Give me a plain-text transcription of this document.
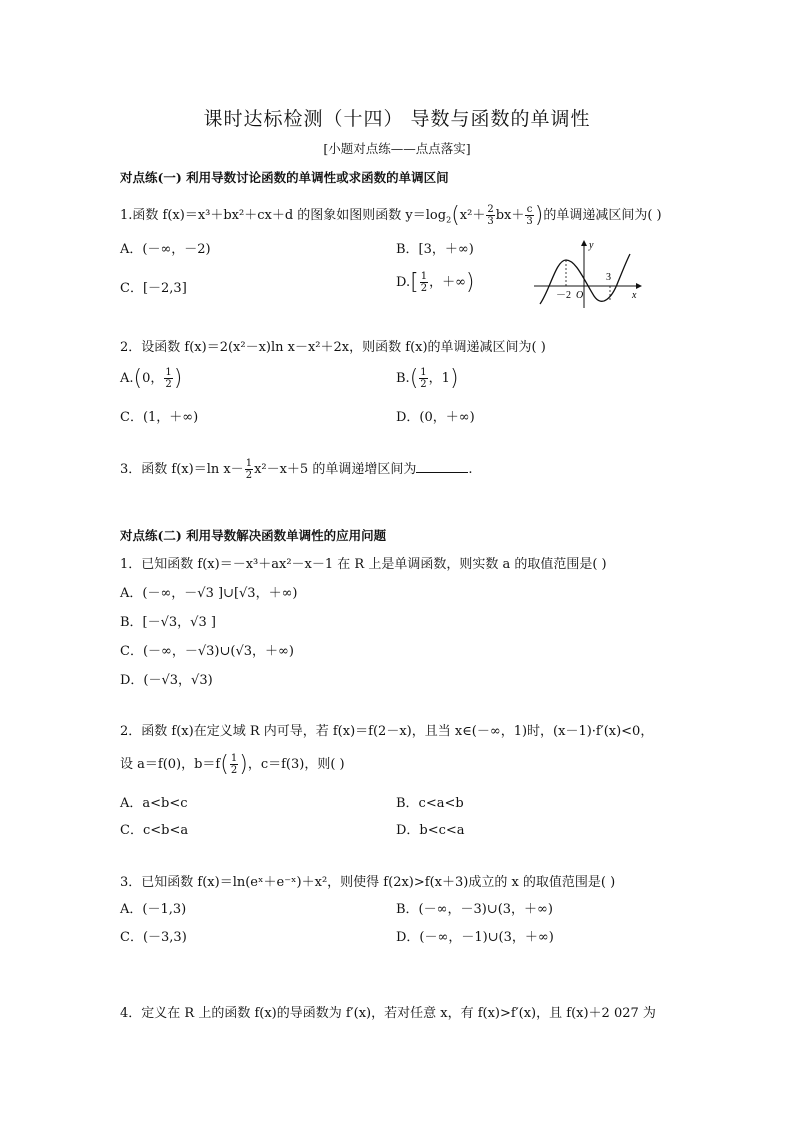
课时达标检测（十四） 导数与函数的单调性
[小题对点练——点点落实]
对点练(一) 利用导数讨论函数的单调性或求函数的单调区间
1.函数 f(x)＝x³＋bx²＋cx＋d 的图象如图则函数 $y=\log_2(x^2+ \frac{2}{3} bx+ \frac{c}{3}$ )的单调递减区间为( )
A．(－∞，－2)	B．[3，＋∞)
C．[－2,3]	$D.[ \frac{1}{2}$ ，＋∞)
y
x
O
－2
3
2．设函数 f(x)＝2(x²－x)ln x－x²＋2x，则函数 f(x)的单调递减区间为( )
A.(0， $\frac{1}{2}$ )	$B.( \frac{1}{2}$ ，1)
C．(1，＋∞)	D．(0，＋∞)
3．函数 f(x)＝ln $x- \frac{1}{2} x^2-x+5$ 的单调递增区间为	.
对点练(二) 利用导数解决函数单调性的应用问题
1．已知函数 f(x)＝－x³＋ax²－x－1 在 R 上是单调函数，则实数 a 的取值范围是( )
A．(－∞，－√3 ]∪[√3，＋∞)
B．[－√3，√3 ]
C．(－∞，－√3)∪(√3，＋∞)
D．(－√3，√3)
2．函数 f(x)在定义域 R 内可导，若 f(x)＝f(2－x)，且当 x∈(－∞，1)时，(x－1)·f′(x)<0，
设 a＝f(0)，$b=f( \frac{1}{2}$ )，c＝f(3)，则( )
A．a<b<c	B．c<a<b
C．c<b<a	D．b<c<a
3．已知函数 f(x)＝ln(eˣ＋e⁻ˣ)＋x²，则使得 f(2x)>f(x＋3)成立的 x 的取值范围是( )
A．(－1,3)	B．(－∞，－3)∪(3，＋∞)
C．(－3,3)	D．(－∞，－1)∪(3，＋∞)
4．定义在 R 上的函数 f(x)的导函数为 f′(x)，若对任意 x，有 f(x)>f′(x)，且 f(x)＋2 027 为
